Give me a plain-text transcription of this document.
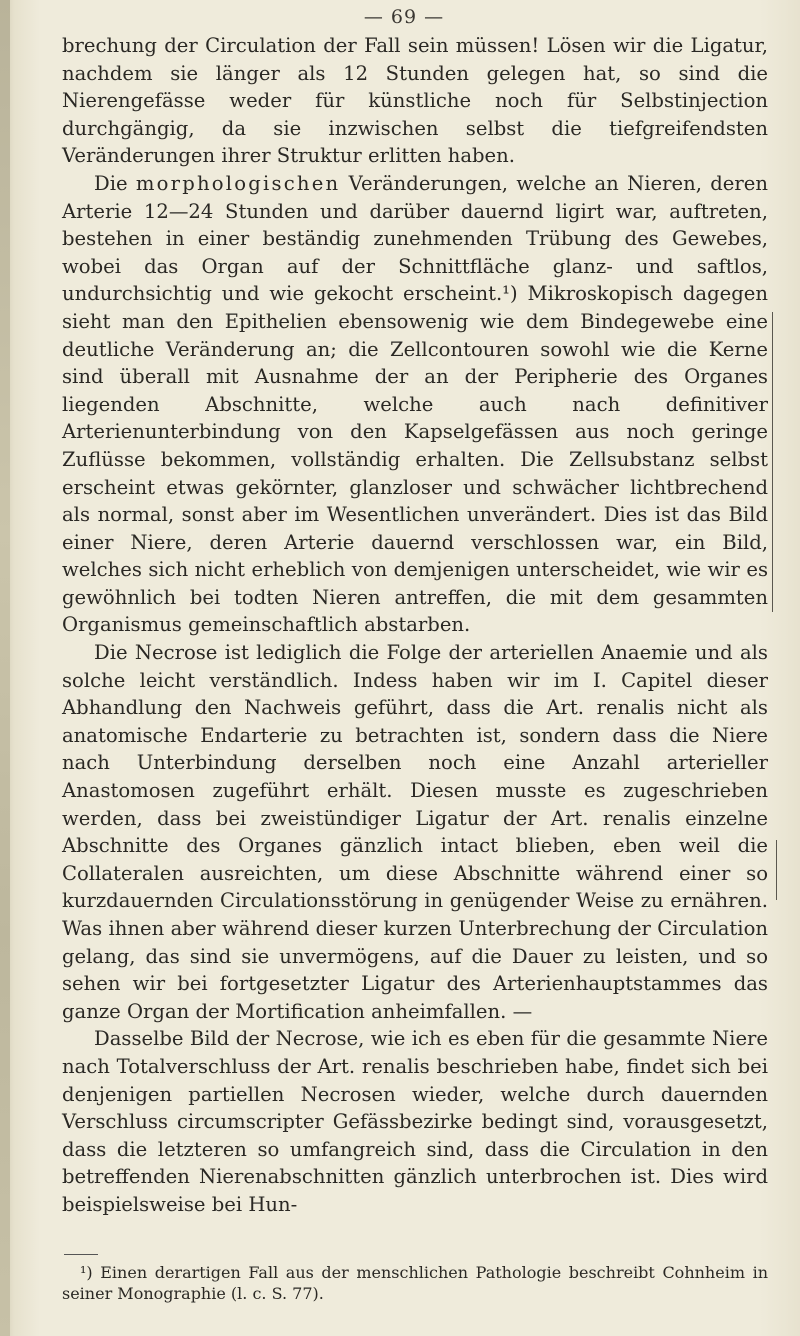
— 69 —

brechung der Circulation der Fall sein müssen! Lösen wir die Ligatur, nachdem sie länger als 12 Stunden gelegen hat, so sind die Nierengefässe weder für künstliche noch für Selbstinjection durchgängig, da sie inzwischen selbst die tiefgreifendsten Veränderungen ihrer Struktur erlitten haben.

Die morphologischen Veränderungen, welche an Nieren, deren Arterie 12—24 Stunden und darüber dauernd ligirt war, auftreten, bestehen in einer beständig zunehmenden Trübung des Gewebes, wobei das Organ auf der Schnittfläche glanz- und saftlos, undurchsichtig und wie gekocht erscheint.¹) Mikroskopisch dagegen sieht man den Epithelien ebensowenig wie dem Bindegewebe eine deutliche Veränderung an; die Zellcontouren sowohl wie die Kerne sind überall mit Ausnahme der an der Peripherie des Organes liegenden Abschnitte, welche auch nach definitiver Arterienunterbindung von den Kapselgefässen aus noch geringe Zuflüsse bekommen, vollständig erhalten. Die Zellsubstanz selbst erscheint etwas gekörnter, glanzloser und schwächer lichtbrechend als normal, sonst aber im Wesentlichen unverändert. Dies ist das Bild einer Niere, deren Arterie dauernd verschlossen war, ein Bild, welches sich nicht erheblich von demjenigen unterscheidet, wie wir es gewöhnlich bei todten Nieren antreffen, die mit dem gesammten Organismus gemeinschaftlich abstarben.

Die Necrose ist lediglich die Folge der arteriellen Anaemie und als solche leicht verständlich. Indess haben wir im I. Capitel dieser Abhandlung den Nachweis geführt, dass die Art. renalis nicht als anatomische Endarterie zu betrachten ist, sondern dass die Niere nach Unterbindung derselben noch eine Anzahl arterieller Anastomosen zugeführt erhält. Diesen musste es zugeschrieben werden, dass bei zweistündiger Ligatur der Art. renalis einzelne Abschnitte des Organes gänzlich intact blieben, eben weil die Collateralen ausreichten, um diese Abschnitte während einer so kurzdauernden Circulationsstörung in genügender Weise zu ernähren. Was ihnen aber während dieser kurzen Unterbrechung der Circulation gelang, das sind sie unvermögens, auf die Dauer zu leisten, und so sehen wir bei fortgesetzter Ligatur des Arterienhauptstammes das ganze Organ der Mortification anheimfallen. —

Dasselbe Bild der Necrose, wie ich es eben für die gesammte Niere nach Totalverschluss der Art. renalis beschrieben habe, findet sich bei denjenigen partiellen Necrosen wieder, welche durch dauernden Verschluss circumscripter Gefässbezirke bedingt sind, vorausgesetzt, dass die letzteren so umfangreich sind, dass die Circulation in den betreffenden Nierenabschnitten gänzlich unterbrochen ist. Dies wird beispielsweise bei Hun-

¹) Einen derartigen Fall aus der menschlichen Pathologie beschreibt Cohnheim in seiner Monographie (l. c. S. 77).
